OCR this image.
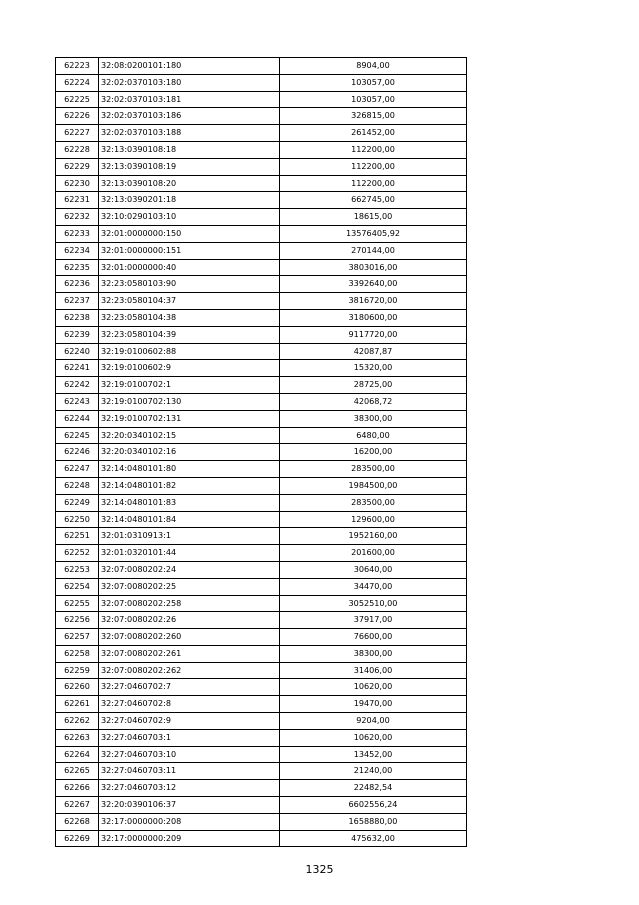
62223	32:08:0200101:180	8904,00
62224	32:02:0370103:180	103057,00
62225	32:02:0370103:181	103057,00
62226	32:02:0370103:186	326815,00
62227	32:02:0370103:188	261452,00
62228	32:13:0390108:18	112200,00
62229	32:13:0390108:19	112200,00
62230	32:13:0390108:20	112200,00
62231	32:13:0390201:18	662745,00
62232	32:10:0290103:10	18615,00
62233	32:01:0000000:150	13576405,92
62234	32:01:0000000:151	270144,00
62235	32:01:0000000:40	3803016,00
62236	32:23:0580103:90	3392640,00
62237	32:23:0580104:37	3816720,00
62238	32:23:0580104:38	3180600,00
62239	32:23:0580104:39	9117720,00
62240	32:19:0100602:88	42087,87
62241	32:19:0100602:9	15320,00
62242	32:19:0100702:1	28725,00
62243	32:19:0100702:130	42068,72
62244	32:19:0100702:131	38300,00
62245	32:20:0340102:15	6480,00
62246	32:20:0340102:16	16200,00
62247	32:14:0480101:80	283500,00
62248	32:14:0480101:82	1984500,00
62249	32:14:0480101:83	283500,00
62250	32:14:0480101:84	129600,00
62251	32:01:0310913:1	1952160,00
62252	32:01:0320101:44	201600,00
62253	32:07:0080202:24	30640,00
62254	32:07:0080202:25	34470,00
62255	32:07:0080202:258	3052510,00
62256	32:07:0080202:26	37917,00
62257	32:07:0080202:260	76600,00
62258	32:07:0080202:261	38300,00
62259	32:07:0080202:262	31406,00
62260	32:27:0460702:7	10620,00
62261	32:27:0460702:8	19470,00
62262	32:27:0460702:9	9204,00
62263	32:27:0460703:1	10620,00
62264	32:27:0460703:10	13452,00
62265	32:27:0460703:11	21240,00
62266	32:27:0460703:12	22482,54
62267	32:20:0390106:37	6602556,24
62268	32:17:0000000:208	1658880,00
62269	32:17:0000000:209	475632,00
1325
